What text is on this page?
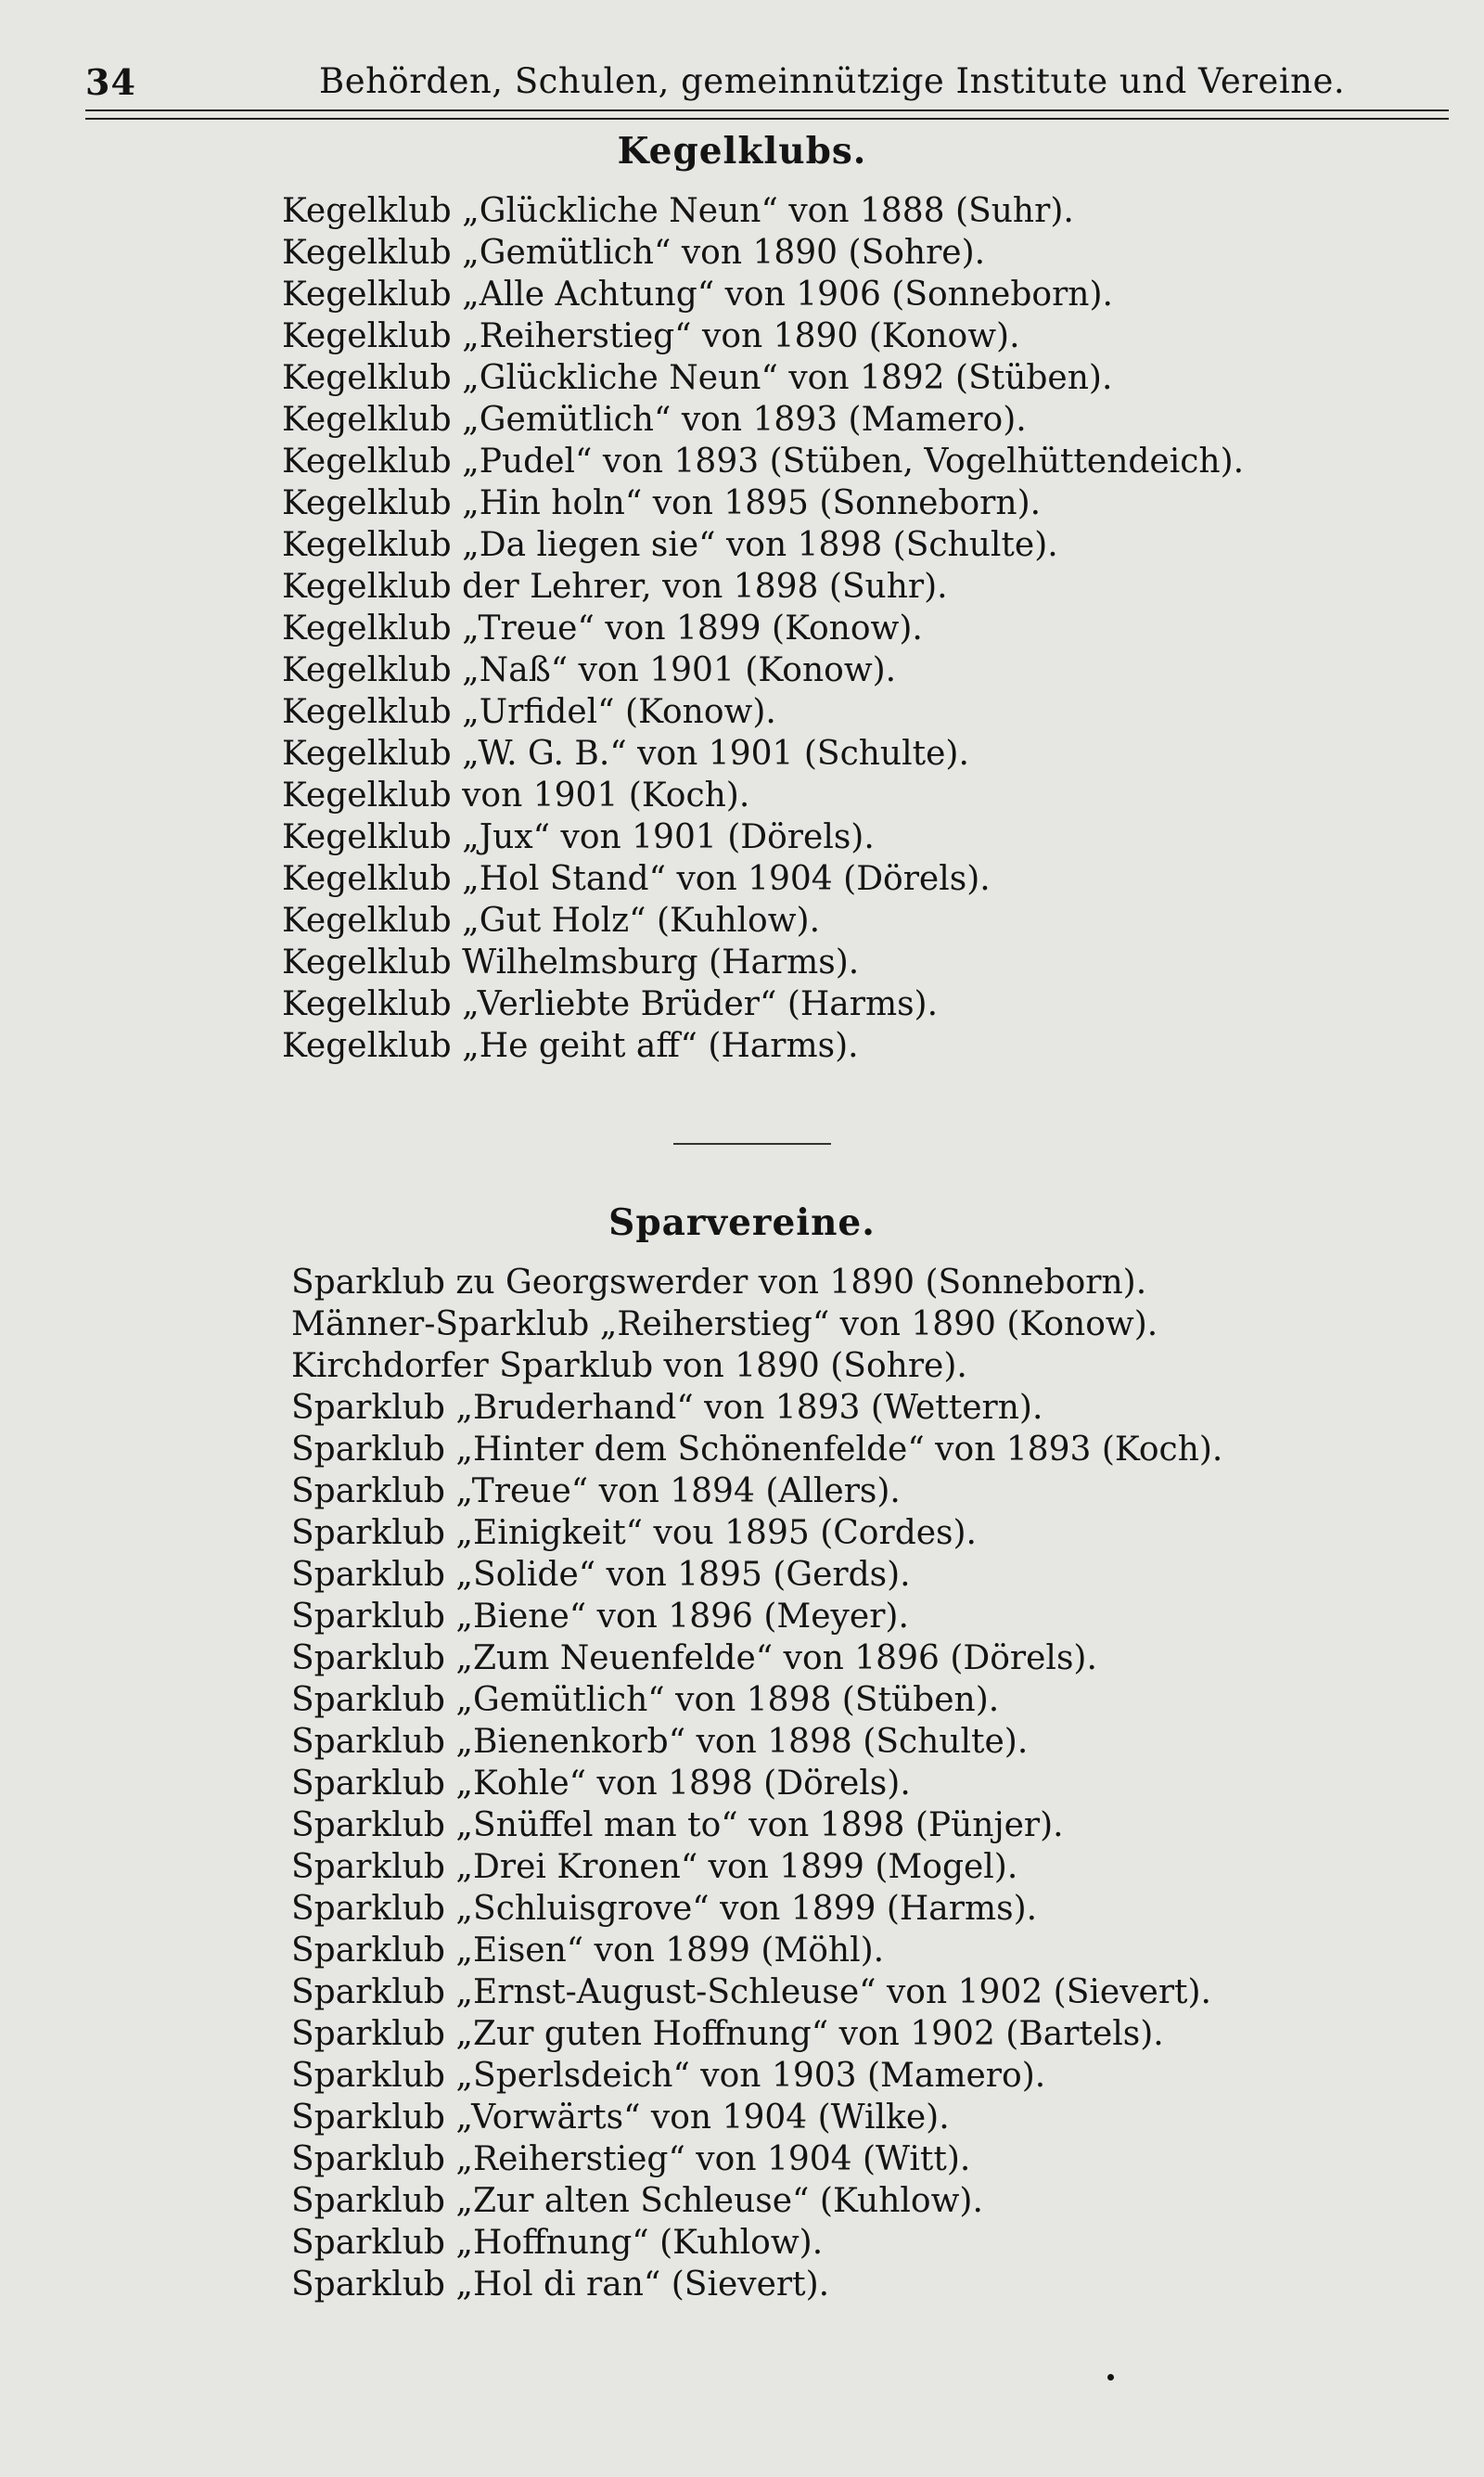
34	Behörden, Schulen, gemeinnützige Institute und Vereine.
Kegelklubs.
Kegelklub „Glückliche Neun“ von 1888 (Suhr).
Kegelklub „Gemütlich“ von 1890 (Sohre).
Kegelklub „Alle Achtung“ von 1906 (Sonneborn).
Kegelklub „Reiherstieg“ von 1890 (Konow).
Kegelklub „Glückliche Neun“ von 1892 (Stüben).
Kegelklub „Gemütlich“ von 1893 (Mamero).
Kegelklub „Pudel“ von 1893 (Stüben, Vogelhüttendeich).
Kegelklub „Hin holn“ von 1895 (Sonneborn).
Kegelklub „Da liegen sie“ von 1898 (Schulte).
Kegelklub der Lehrer, von 1898 (Suhr).
Kegelklub „Treue“ von 1899 (Konow).
Kegelklub „Naß“ von 1901 (Konow).
Kegelklub „Urfidel“ (Konow).
Kegelklub „W. G. B.“ von 1901 (Schulte).
Kegelklub von 1901 (Koch).
Kegelklub „Jux“ von 1901 (Dörels).
Kegelklub „Hol Stand“ von 1904 (Dörels).
Kegelklub „Gut Holz“ (Kuhlow).
Kegelklub Wilhelmsburg (Harms).
Kegelklub „Verliebte Brüder“ (Harms).
Kegelklub „He geiht aff“ (Harms).
Sparvereine.
Sparklub zu Georgswerder von 1890 (Sonneborn).
Männer-Sparklub „Reiherstieg“ von 1890 (Konow).
Kirchdorfer Sparklub von 1890 (Sohre).
Sparklub „Bruderhand“ von 1893 (Wettern).
Sparklub „Hinter dem Schönenfelde“ von 1893 (Koch).
Sparklub „Treue“ von 1894 (Allers).
Sparklub „Einigkeit“ vou 1895 (Cordes).
Sparklub „Solide“ von 1895 (Gerds).
Sparklub „Biene“ von 1896 (Meyer).
Sparklub „Zum Neuenfelde“ von 1896 (Dörels).
Sparklub „Gemütlich“ von 1898 (Stüben).
Sparklub „Bienenkorb“ von 1898 (Schulte).
Sparklub „Kohle“ von 1898 (Dörels).
Sparklub „Snüffel man to“ von 1898 (Pünjer).
Sparklub „Drei Kronen“ von 1899 (Mogel).
Sparklub „Schluisgrove“ von 1899 (Harms).
Sparklub „Eisen“ von 1899 (Möhl).
Sparklub „Ernst-August-Schleuse“ von 1902 (Sievert).
Sparklub „Zur guten Hoffnung“ von 1902 (Bartels).
Sparklub „Sperlsdeich“ von 1903 (Mamero).
Sparklub „Vorwärts“ von 1904 (Wilke).
Sparklub „Reiherstieg“ von 1904 (Witt).
Sparklub „Zur alten Schleuse“ (Kuhlow).
Sparklub „Hoffnung“ (Kuhlow).
Sparklub „Hol di ran“ (Sievert).
